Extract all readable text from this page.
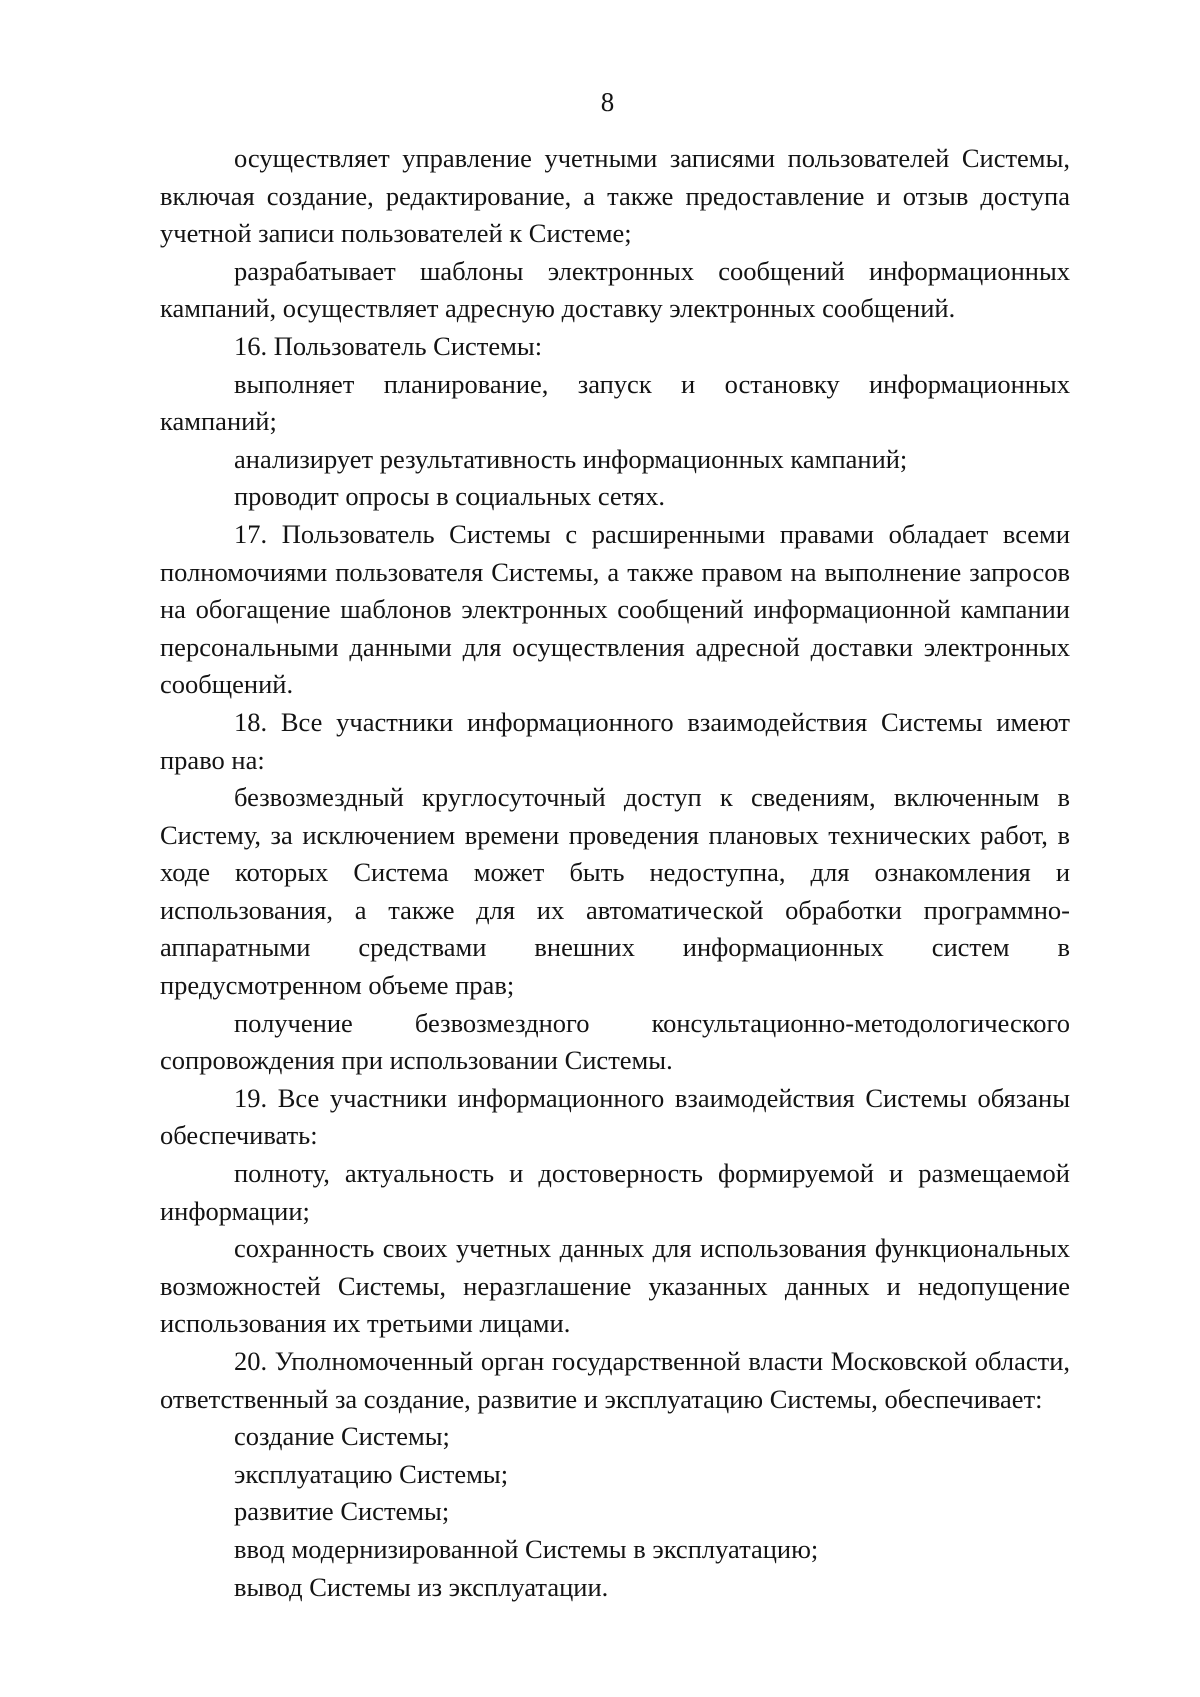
8

осуществляет управление учетными записями пользователей Системы, включая создание, редактирование, а также предоставление и отзыв доступа учетной записи пользователей к Системе;

разрабатывает шаблоны электронных сообщений информационных кампаний, осуществляет адресную доставку электронных сообщений.

16. Пользователь Системы:

выполняет планирование, запуск и остановку информационных кампаний;

анализирует результативность информационных кампаний;

проводит опросы в социальных сетях.

17. Пользователь Системы с расширенными правами обладает всеми полномочиями пользователя Системы, а также правом на выполнение запросов на обогащение шаблонов электронных сообщений информационной кампании персональными данными для осуществления адресной доставки электронных сообщений.

18. Все участники информационного взаимодействия Системы имеют право на:

безвозмездный круглосуточный доступ к сведениям, включенным в Систему, за исключением времени проведения плановых технических работ, в ходе которых Система может быть недоступна, для ознакомления и использования, а также для их автоматической обработки программно-аппаратными средствами внешних информационных систем в предусмотренном объеме прав;

получение безвозмездного консультационно-методологического сопровождения при использовании Системы.

19. Все участники информационного взаимодействия Системы обязаны обеспечивать:

полноту, актуальность и достоверность формируемой и размещаемой информации;

сохранность своих учетных данных для использования функциональных возможностей Системы, неразглашение указанных данных и недопущение использования их третьими лицами.

20. Уполномоченный орган государственной власти Московской области, ответственный за создание, развитие и эксплуатацию Системы, обеспечивает:

создание Системы;

эксплуатацию Системы;

развитие Системы;

ввод модернизированной Системы в эксплуатацию;

вывод Системы из эксплуатации.
